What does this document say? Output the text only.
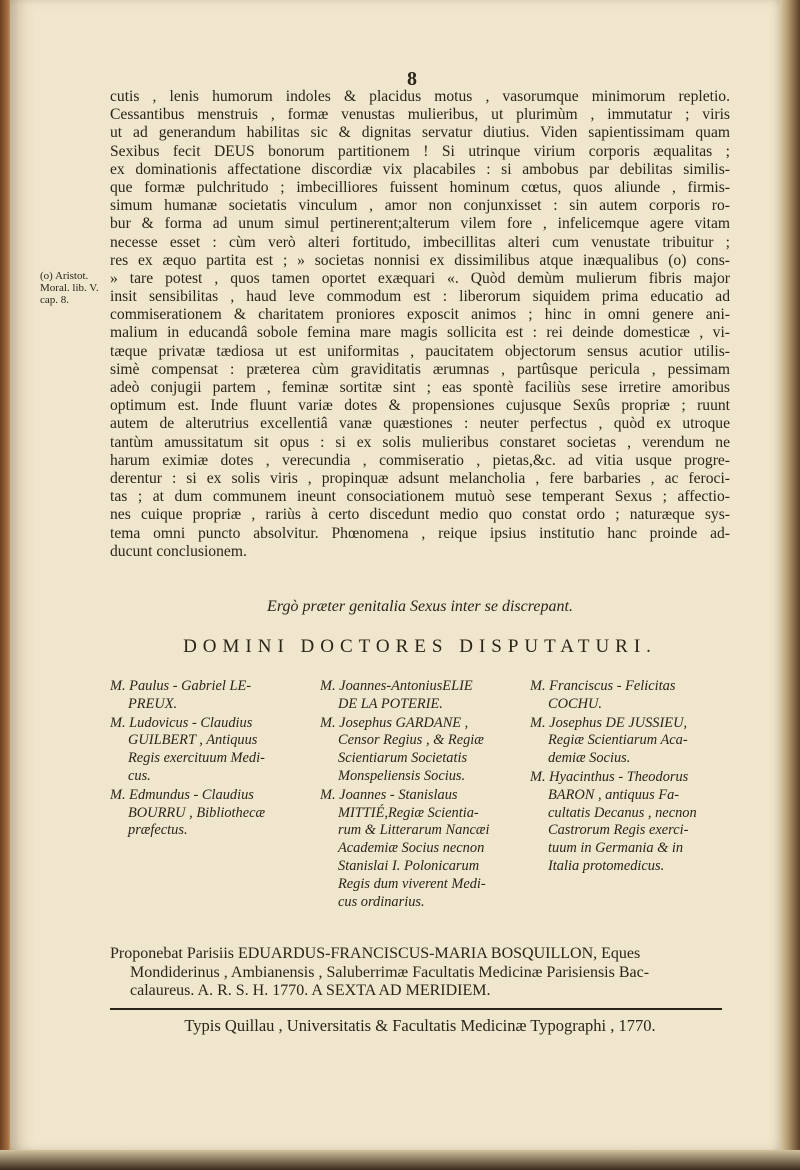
8
cutis , lenis humorum indoles & placidus motus , vasorumque minimorum repletio.
Cessantibus menstruis , formæ venustas mulieribus, ut plurimùm , immutatur ; viris
ut ad generandum habilitas sic & dignitas servatur diutius. Viden sapientissimam quam
Sexibus fecit DEUS bonorum partitionem ! Si utrinque virium corporis æqualitas ;
ex dominationis affectatione discordiæ vix placabiles : si ambobus par debilitas similis-
que formæ pulchritudo ; imbecilliores fuissent hominum cœtus, quos aliunde , firmis-
simum humanæ societatis vinculum , amor non conjunxisset : sin autem corporis ro-
bur & forma ad unum simul pertinerent;alterum vilem fore , infelicemque agere vitam
necesse esset : cùm verò alteri fortitudo, imbecillitas alteri cum venustate tribuitur ;
res ex æquo partita est ; » societas nonnisi ex dissimilibus atque inæqualibus (o) cons-
» tare potest , quos tamen oportet exæquari «. Quòd demùm mulierum fibris major
insit sensibilitas , haud leve commodum est : liberorum siquidem prima educatio ad
commiserationem & charitatem proniores exposcit animos ; hinc in omni genere ani-
malium in educandâ sobole femina mare magis sollicita est : rei deinde domesticæ , vi-
tæque privatæ tædiosa ut est uniformitas , paucitatem objectorum sensus acutior utilis-
simè compensat : præterea cùm graviditatis ærumnas , partûsque pericula , pessimam
adeò conjugii partem , feminæ sortitæ sint ; eas spontè faciliùs sese irretire amoribus
optimum est. Inde fluunt variæ dotes & propensiones cujusque Sexûs propriæ ; ruunt
autem de alterutrius excellentiâ vanæ quæstiones : neuter perfectus , quòd ex utroque
tantùm amussitatum sit opus : si ex solis mulieribus constaret societas , verendum ne
harum eximiæ dotes , verecundia , commiseratio , pietas,&c. ad vitia usque progre-
derentur : si ex solis viris , propinquæ adsunt melancholia , fere barbaries , ac feroci-
tas ; at dum communem ineunt consociationem mutuò sese temperant Sexus ; affectio-
nes cuique propriæ , rariùs à certo discedunt medio quo constat ordo ; naturæque sys-
tema omni puncto absolvitur. Phœnomena , reique ipsius institutio hanc proinde ad-
ducunt conclusionem.
(o) Aristot. Moral. lib. V. cap. 8.
Ergò præter genitalia Sexus inter se discrepant.
DOMINI DOCTORES DISPUTATURI.
M. Paulus - Gabriel LE-
PREUX.
M. Ludovicus - Claudius
GUILBERT , Antiquus
Regis exercituum Medi-
cus.
M. Edmundus - Claudius
BOURRU , Bibliothecæ
præfectus.
M. Joannes-AntoniusELIE
DE LA POTERIE.
M. Josephus GARDANE ,
Censor Regius , & Regiæ
Scientiarum Societatis
Monspeliensis Socius.
M. Joannes - Stanislaus
MITTIÉ,Regiæ Scientia-
rum & Litterarum Nancæi
Academiæ Socius necnon
Stanislai I. Polonicarum
Regis dum viverent Medi-
cus ordinarius.
M. Franciscus - Felicitas
COCHU.
M. Josephus DE JUSSIEU,
Regiæ Scientiarum Aca-
demiæ Socius.
M. Hyacinthus - Theodorus
BARON , antiquus Fa-
cultatis Decanus , necnon
Castrorum Regis exerci-
tuum in Germania & in
Italia protomedicus.
Proponebat Parisiis EDUARDUS-FRANCISCUS-MARIA BOSQUILLON, Eques
Mondiderinus , Ambianensis , Saluberrimæ Facultatis Medicinæ Parisiensis Bac-
calaureus. A. R. S. H. 1770. A SEXTA AD MERIDIEM.
Typis Quillau , Universitatis & Facultatis Medicinæ Typographi , 1770.
